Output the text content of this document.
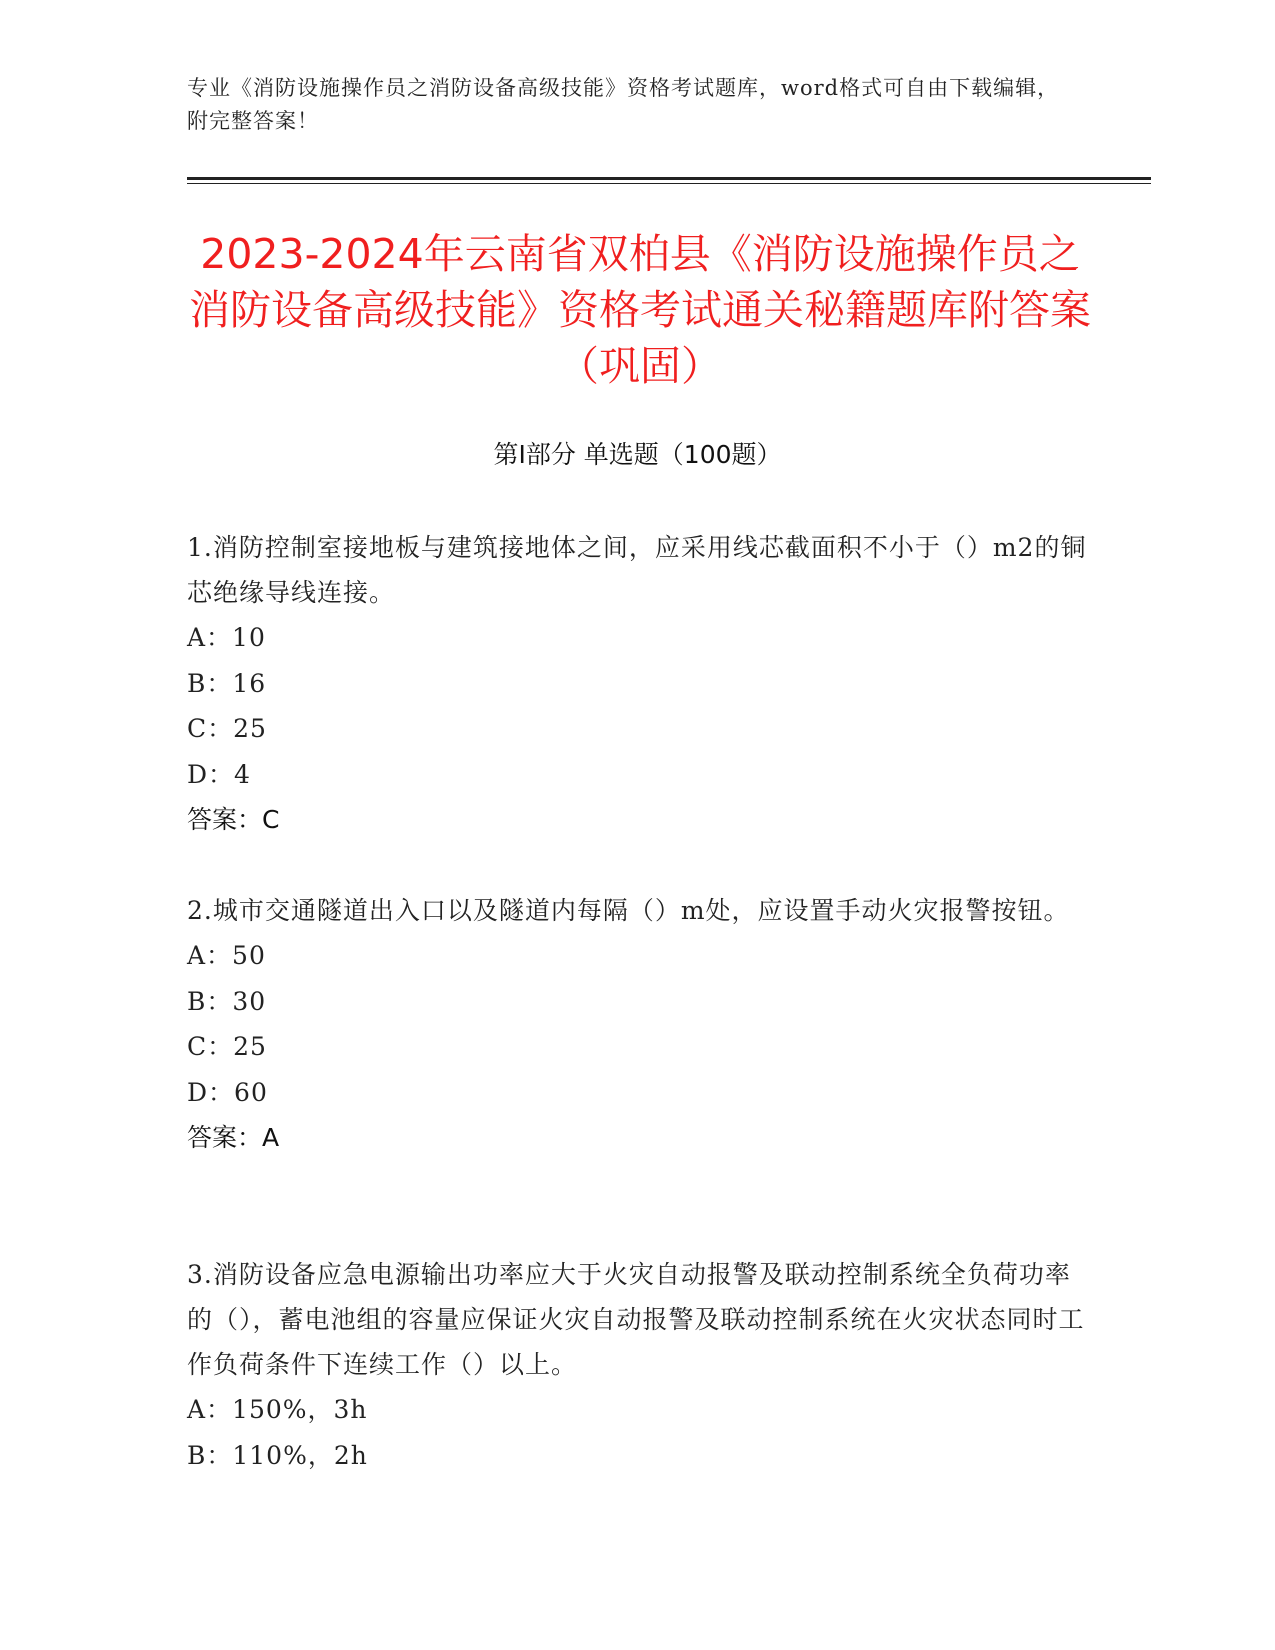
专业《消防设施操作员之消防设备高级技能》资格考试题库，word格式可自由下载编辑，附完整答案！
2023-2024年云南省双柏县《消防设施操作员之消防设备高级技能》资格考试通关秘籍题库附答案（巩固）
第Ⅰ部分 单选题（100题）

1.消防控制室接地板与建筑接地体之间，应采用线芯截面积不小于（）m2的铜芯绝缘导线连接。

A：10

B：16

C：25

D：4

答案：C

2.城市交通隧道出入口以及隧道内每隔（）m处，应设置手动火灾报警按钮。

A：50

B：30

C：25

D：60

答案：A

3.消防设备应急电源输出功率应大于火灾自动报警及联动控制系统全负荷功率的（），蓄电池组的容量应保证火灾自动报警及联动控制系统在火灾状态同时工作负荷条件下连续工作（）以上。

A：150%，3h

B：110%，2h
